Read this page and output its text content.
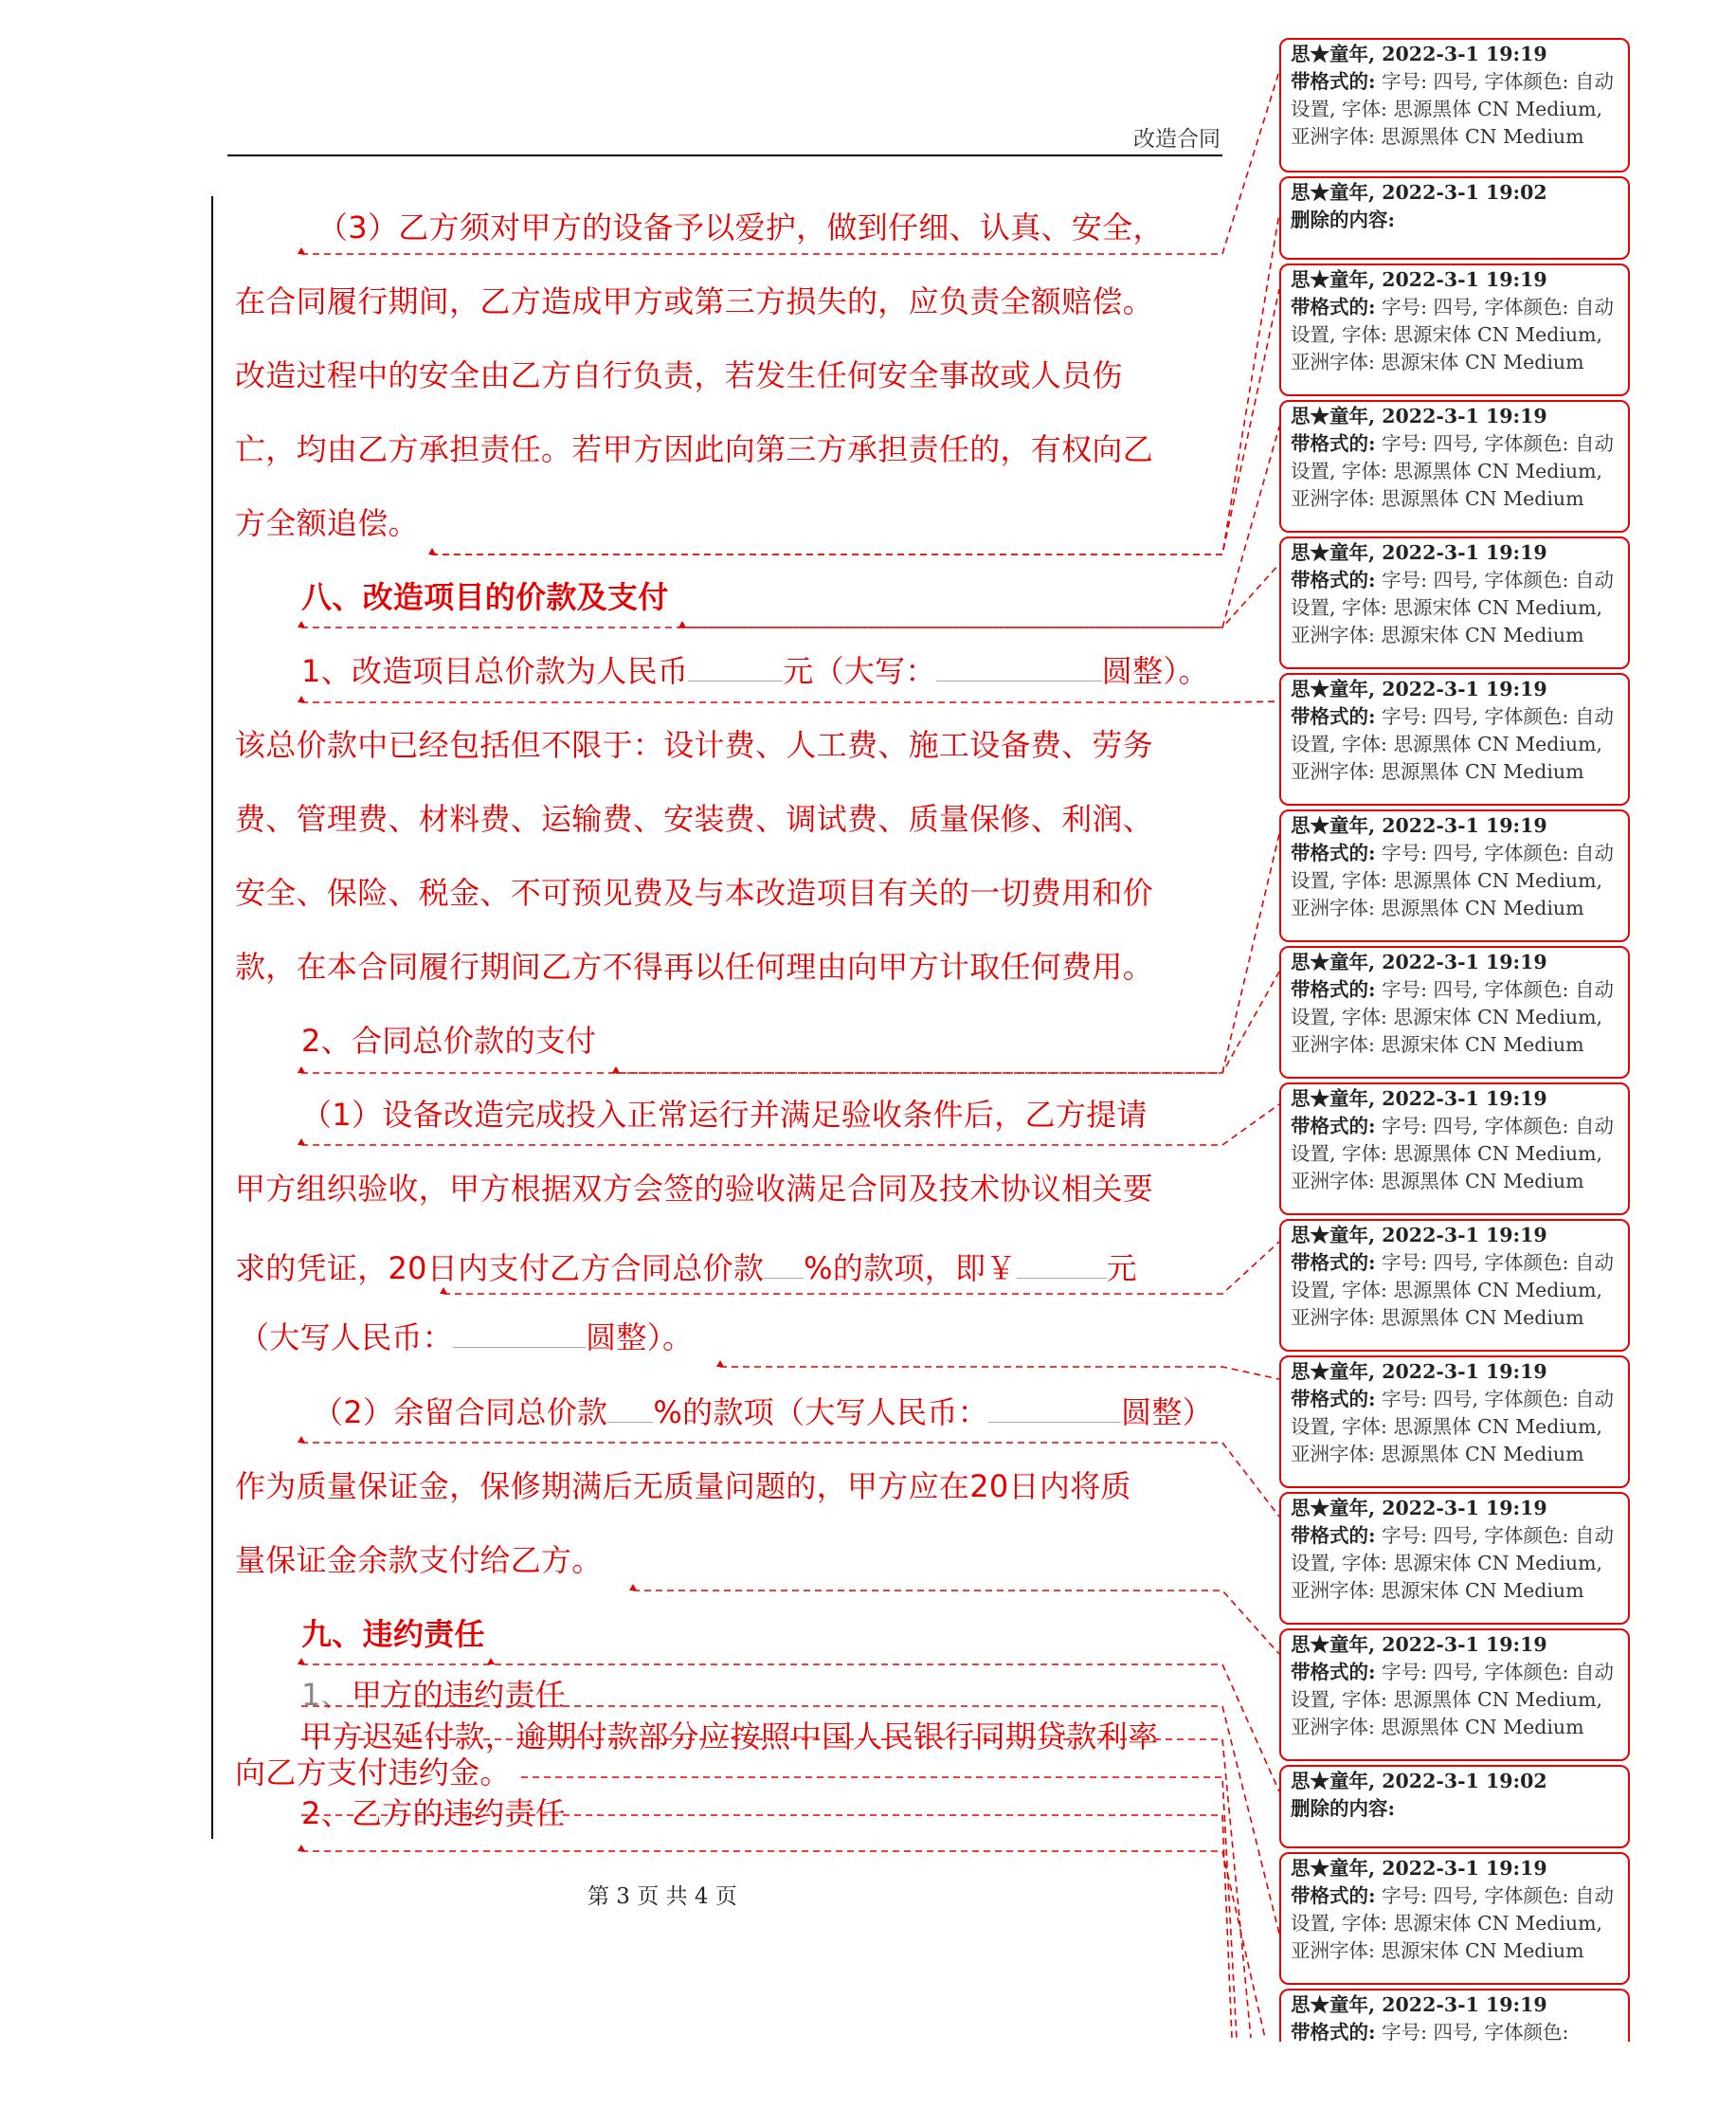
改造合同
（3）乙方须对甲方的设备予以爱护，做到仔细、认真、安全，
在合同履行期间，乙方造成甲方或第三方损失的，应负责全额赔偿。
改造过程中的安全由乙方自行负责，若发生任何安全事故或人员伤
亡，均由乙方承担责任。若甲方因此向第三方承担责任的，有权向乙
方全额追偿。
八、改造项目的价款及支付
1、改造项目总价款为人民币	元（大写：	圆整）。
该总价款中已经包括但不限于：设计费、人工费、施工设备费、劳务
费、管理费、材料费、运输费、安装费、调试费、质量保修、利润、
安全、保险、税金、不可预见费及与本改造项目有关的一切费用和价
款，在本合同履行期间乙方不得再以任何理由向甲方计取任何费用。
2、合同总价款的支付
（1）设备改造完成投入正常运行并满足验收条件后，乙方提请
甲方组织验收，甲方根据双方会签的验收满足合同及技术协议相关要
求的凭证，20日内支付乙方合同总价款 %的款项，即￥	元
（大写人民币：	圆整）。
（2）余留合同总价款 %的款项（大写人民币：	圆整）
作为质量保证金，保修期满后无质量问题的，甲方应在20日内将质
量保证金余款支付给乙方。
九、违约责任
1、甲方的违约责任
甲方迟延付款，逾期付款部分应按照中国人民银行同期贷款利率
向乙方支付违约金。
2、乙方的违约责任
第 3 页 共 4 页
思★童年, 2022-3-1 19:19
带格式的: 字号: 四号, 字体颜色: 自动设置, 字体: 思源黑体 CN Medium, 亚洲字体: 思源黑体 CN Medium
思★童年, 2022-3-1 19:02
删除的内容:
思★童年, 2022-3-1 19:19
带格式的: 字号: 四号, 字体颜色: 自动设置, 字体: 思源宋体 CN Medium, 亚洲字体: 思源宋体 CN Medium
思★童年, 2022-3-1 19:19
带格式的: 字号: 四号, 字体颜色: 自动设置, 字体: 思源黑体 CN Medium, 亚洲字体: 思源黑体 CN Medium
思★童年, 2022-3-1 19:19
带格式的: 字号: 四号, 字体颜色: 自动设置, 字体: 思源宋体 CN Medium, 亚洲字体: 思源宋体 CN Medium
思★童年, 2022-3-1 19:19
带格式的: 字号: 四号, 字体颜色: 自动设置, 字体: 思源黑体 CN Medium, 亚洲字体: 思源黑体 CN Medium
思★童年, 2022-3-1 19:19
带格式的: 字号: 四号, 字体颜色: 自动设置, 字体: 思源黑体 CN Medium, 亚洲字体: 思源黑体 CN Medium
思★童年, 2022-3-1 19:19
带格式的: 字号: 四号, 字体颜色: 自动设置, 字体: 思源宋体 CN Medium, 亚洲字体: 思源宋体 CN Medium
思★童年, 2022-3-1 19:19
带格式的: 字号: 四号, 字体颜色: 自动设置, 字体: 思源黑体 CN Medium, 亚洲字体: 思源黑体 CN Medium
思★童年, 2022-3-1 19:19
带格式的: 字号: 四号, 字体颜色: 自动设置, 字体: 思源黑体 CN Medium, 亚洲字体: 思源黑体 CN Medium
思★童年, 2022-3-1 19:19
带格式的: 字号: 四号, 字体颜色: 自动设置, 字体: 思源黑体 CN Medium, 亚洲字体: 思源黑体 CN Medium
思★童年, 2022-3-1 19:19
带格式的: 字号: 四号, 字体颜色: 自动设置, 字体: 思源宋体 CN Medium, 亚洲字体: 思源宋体 CN Medium
思★童年, 2022-3-1 19:19
带格式的: 字号: 四号, 字体颜色: 自动设置, 字体: 思源黑体 CN Medium, 亚洲字体: 思源黑体 CN Medium
思★童年, 2022-3-1 19:02
删除的内容:
思★童年, 2022-3-1 19:19
带格式的: 字号: 四号, 字体颜色: 自动设置, 字体: 思源宋体 CN Medium, 亚洲字体: 思源宋体 CN Medium
思★童年, 2022-3-1 19:19
带格式的: 字号: 四号, 字体颜色:
